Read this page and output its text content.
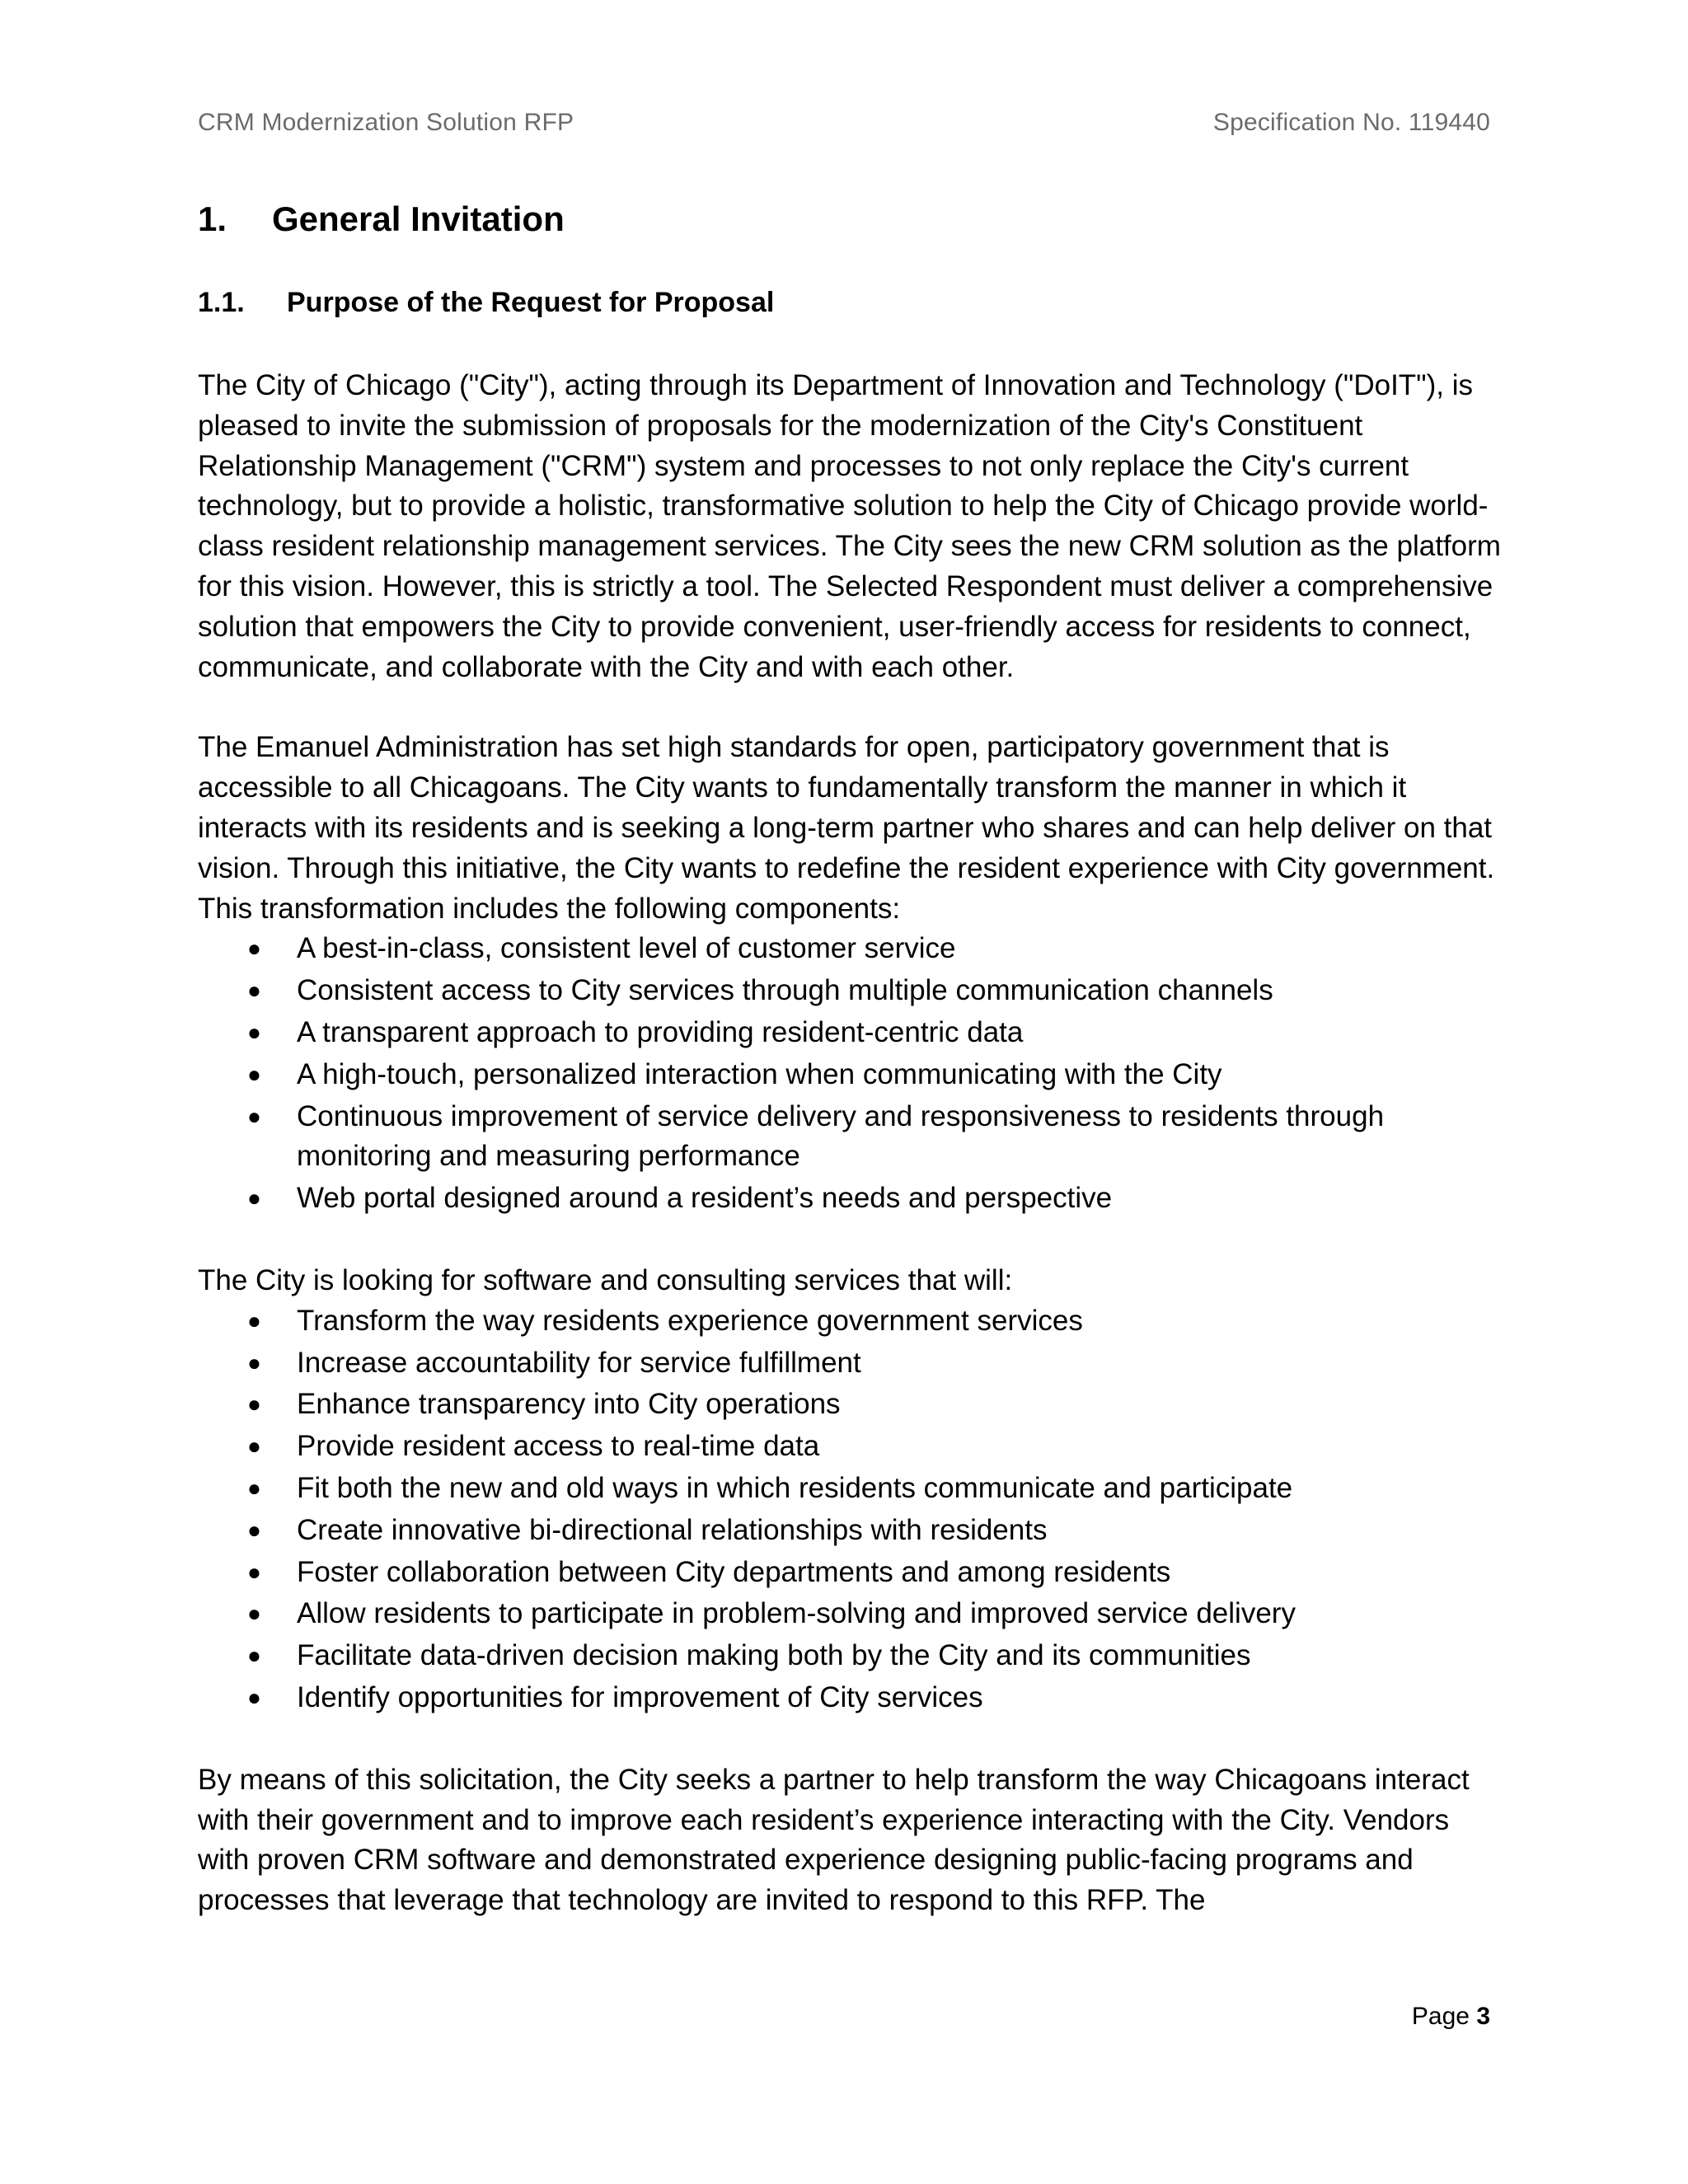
CRM Modernization Solution RFP	Specification No. 119440
1. General Invitation
1.1. Purpose of the Request for Proposal

The City of Chicago ("City"), acting through its Department of Innovation and Technology ("DoIT"), is pleased to invite the submission of proposals for the modernization of the City's Constituent Relationship Management ("CRM") system and processes to not only replace the City's current technology, but to provide a holistic, transformative solution to help the City of Chicago provide world-class resident relationship management services. The City sees the new CRM solution as the platform for this vision. However, this is strictly a tool. The Selected Respondent must deliver a comprehensive solution that empowers the City to provide convenient, user-friendly access for residents to connect, communicate, and collaborate with the City and with each other.

The Emanuel Administration has set high standards for open, participatory government that is accessible to all Chicagoans. The City wants to fundamentally transform the manner in which it interacts with its residents and is seeking a long-term partner who shares and can help deliver on that vision. Through this initiative, the City wants to redefine the resident experience with City government. This transformation includes the following components:

● A best-in-class, consistent level of customer service
● Consistent access to City services through multiple communication channels
● A transparent approach to providing resident-centric data
● A high-touch, personalized interaction when communicating with the City
● Continuous improvement of service delivery and responsiveness to residents through monitoring and measuring performance
● Web portal designed around a resident’s needs and perspective

The City is looking for software and consulting services that will:

● Transform the way residents experience government services
● Increase accountability for service fulfillment
● Enhance transparency into City operations
● Provide resident access to real-time data
● Fit both the new and old ways in which residents communicate and participate
● Create innovative bi-directional relationships with residents
● Foster collaboration between City departments and among residents
● Allow residents to participate in problem-solving and improved service delivery
● Facilitate data-driven decision making both by the City and its communities
● Identify opportunities for improvement of City services

By means of this solicitation, the City seeks a partner to help transform the way Chicagoans interact with their government and to improve each resident’s experience interacting with the City. Vendors with proven CRM software and demonstrated experience designing public-facing programs and processes that leverage that technology are invited to respond to this RFP. The

Page 3
